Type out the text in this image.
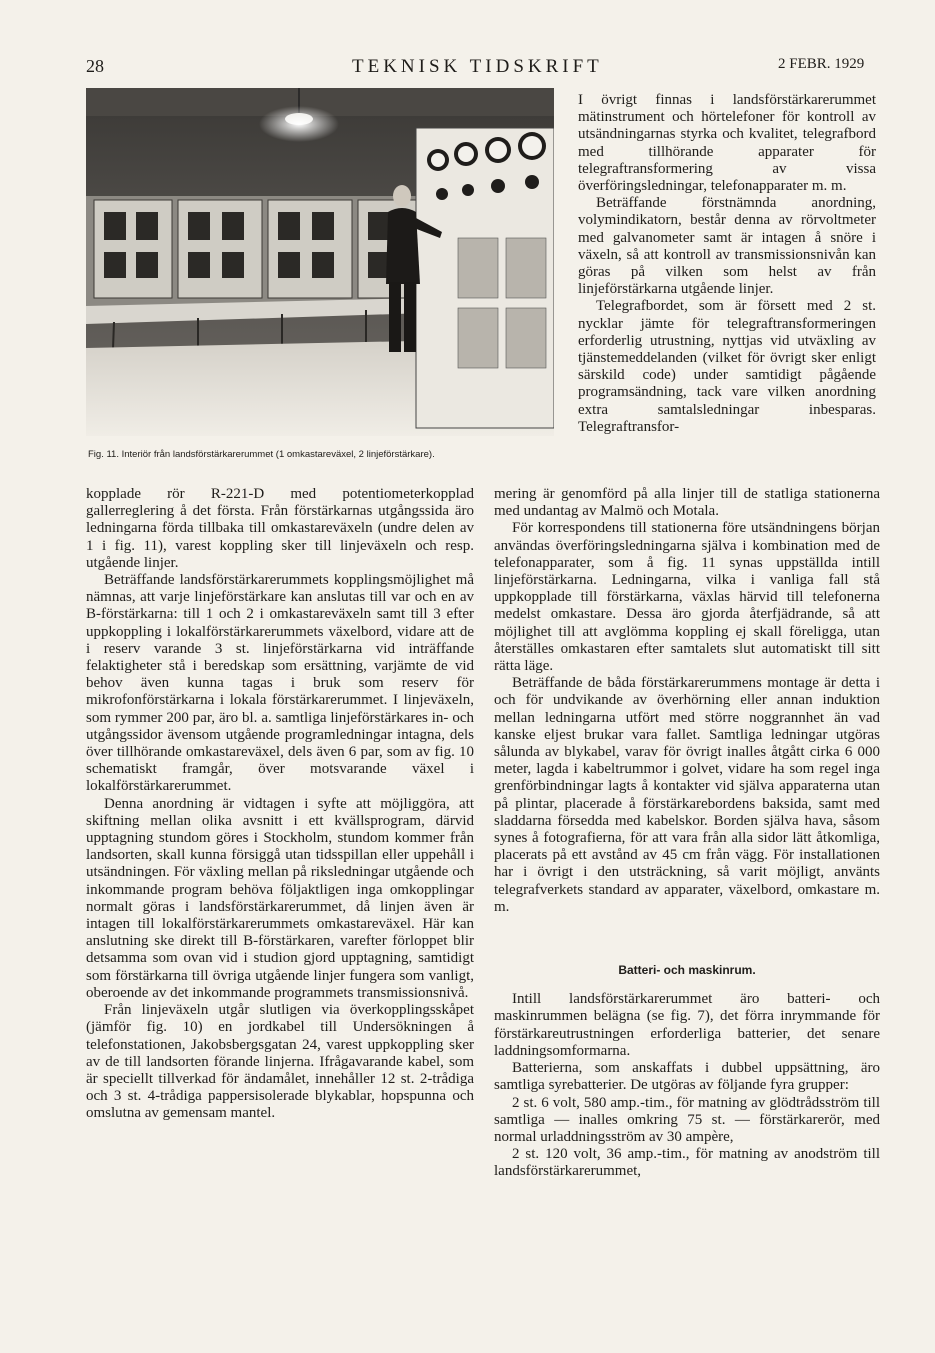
28	TEKNISK TIDSKRIFT	2 FEBR. 1929
Fig. 11. Interiör från landsförstärkarerummet (1 omkastareväxel, 2 linjeförstärkare).

I övrigt finnas i landsförstärkarerummet mätinstrument och hörtelefoner för kontroll av utsändningarnas styrka och kvalitet, telegrafbord med tillhörande apparater för telegraftransformering av vissa överföringsledningar, telefonapparater m. m.

Beträffande förstnämnda anordning, volymindikatorn, består denna av rörvoltmeter med galvanometer samt är intagen å snöre i växeln, så att kontroll av transmissionsnivån kan göras på vilken som helst av från linjeförstärkarna utgående linjer.

Telegrafbordet, som är försett med 2 st. nycklar jämte för telegraftransformeringen erforderlig utrustning, nyttjas vid utväxling av tjänstemeddelanden (vilket för övrigt sker enligt särskild code) under samtidigt pågående programsändning, tack vare vilken anordning extra samtalsledningar inbesparas. Telegraftransfor-

kopplade rör R-221-D med potentiometerkopplad gallerreglering å det första. Från förstärkarnas utgångssida äro ledningarna förda tillbaka till omkastareväxeln (undre delen av 1 i fig. 11), varest koppling sker till linjeväxeln och resp. utgående linjer.

Beträffande landsförstärkarerummets kopplingsmöjlighet må nämnas, att varje linjeförstärkare kan anslutas till var och en av B-förstärkarna: till 1 och 2 i omkastareväxeln samt till 3 efter uppkoppling i lokalförstärkarerummets växelbord, vidare att de i reserv varande 3 st. linjeförstärkarna vid inträffande felaktigheter stå i beredskap som ersättning, varjämte de vid behov även kunna tagas i bruk som reserv för mikrofonförstärkarna i lokala förstärkarerummet. I linjeväxeln, som rymmer 200 par, äro bl. a. samtliga linjeförstärkares in- och utgångssidor ävensom utgående programledningar intagna, dels över tillhörande omkastareväxel, dels även 6 par, som av fig. 10 schematiskt framgår, över motsvarande växel i lokalförstärkarerummet.

Denna anordning är vidtagen i syfte att möjliggöra, att skiftning mellan olika avsnitt i ett kvällsprogram, därvid upptagning stundom göres i Stockholm, stundom kommer från landsorten, skall kunna försiggå utan tidsspillan eller uppehåll i utsändningen. För växling mellan på riksledningar utgående och inkommande program behöva följaktligen inga omkopplingar normalt göras i landsförstärkarerummet, då linjen även är intagen till lokalförstärkarerummets omkastareväxel. Här kan anslutning ske direkt till B-förstärkaren, varefter förloppet blir detsamma som ovan vid i studion gjord upptagning, samtidigt som förstärkarna till övriga utgående linjer fungera som vanligt, oberoende av det inkommande programmets transmissionsnivå.

Från linjeväxeln utgår slutligen via överkopplingsskåpet (jämför fig. 10) en jordkabel till Undersökningen å telefonstationen, Jakobsbergsgatan 24, varest uppkoppling sker av de till landsorten förande linjerna. Ifrågavarande kabel, som är speciellt tillverkad för ändamålet, innehåller 12 st. 2-trådiga och 3 st. 4-trådiga pappersisolerade blykablar, hopspunna och omslutna av gemensam mantel.

mering är genomförd på alla linjer till de statliga stationerna med undantag av Malmö och Motala.

För korrespondens till stationerna före utsändningens början användas överföringsledningarna själva i kombination med de telefonapparater, som å fig. 11 synas uppställda intill linjeförstärkarna. Ledningarna, vilka i vanliga fall stå uppkopplade till förstärkarna, växlas härvid till telefonerna medelst omkastare. Dessa äro gjorda återfjädrande, så att möjlighet till att avglömma koppling ej skall föreligga, utan återställes omkastaren efter samtalets slut automatiskt till sitt rätta läge.

Beträffande de båda förstärkarerummens montage är detta i och för undvikande av överhörning eller annan induktion mellan ledningarna utfört med större noggrannhet än vad kanske eljest brukar vara fallet. Samtliga ledningar utgöras sålunda av blykabel, varav för övrigt inalles åtgått cirka 6 000 meter, lagda i kabeltrummor i golvet, vidare ha som regel inga grenförbindningar lagts å kontakter vid själva apparaterna utan på plintar, placerade å förstärkarebordens baksida, samt med sladdarna försedda med kabelskor. Borden själva hava, såsom synes å fotografierna, för att vara från alla sidor lätt åtkomliga, placerats på ett avstånd av 45 cm från vägg. För installationen har i övrigt i den utsträckning, så varit möjligt, använts telegrafverkets standard av apparater, växelbord, omkastare m. m.

Batteri- och maskinrum.

Intill landsförstärkarerummet äro batteri- och maskinrummen belägna (se fig. 7), det förra inrymmande för förstärkareutrustningen erforderliga batterier, det senare laddningsomformarna.

Batterierna, som anskaffats i dubbel uppsättning, äro samtliga syrebatterier. De utgöras av följande fyra grupper:

2 st. 6 volt, 580 amp.-tim., för matning av glödtrådsström till samtliga — inalles omkring 75 st. — förstärkarerör, med normal urladdningsström av 30 ampère,

2 st. 120 volt, 36 amp.-tim., för matning av anodström till landsförstärkarerummet,
